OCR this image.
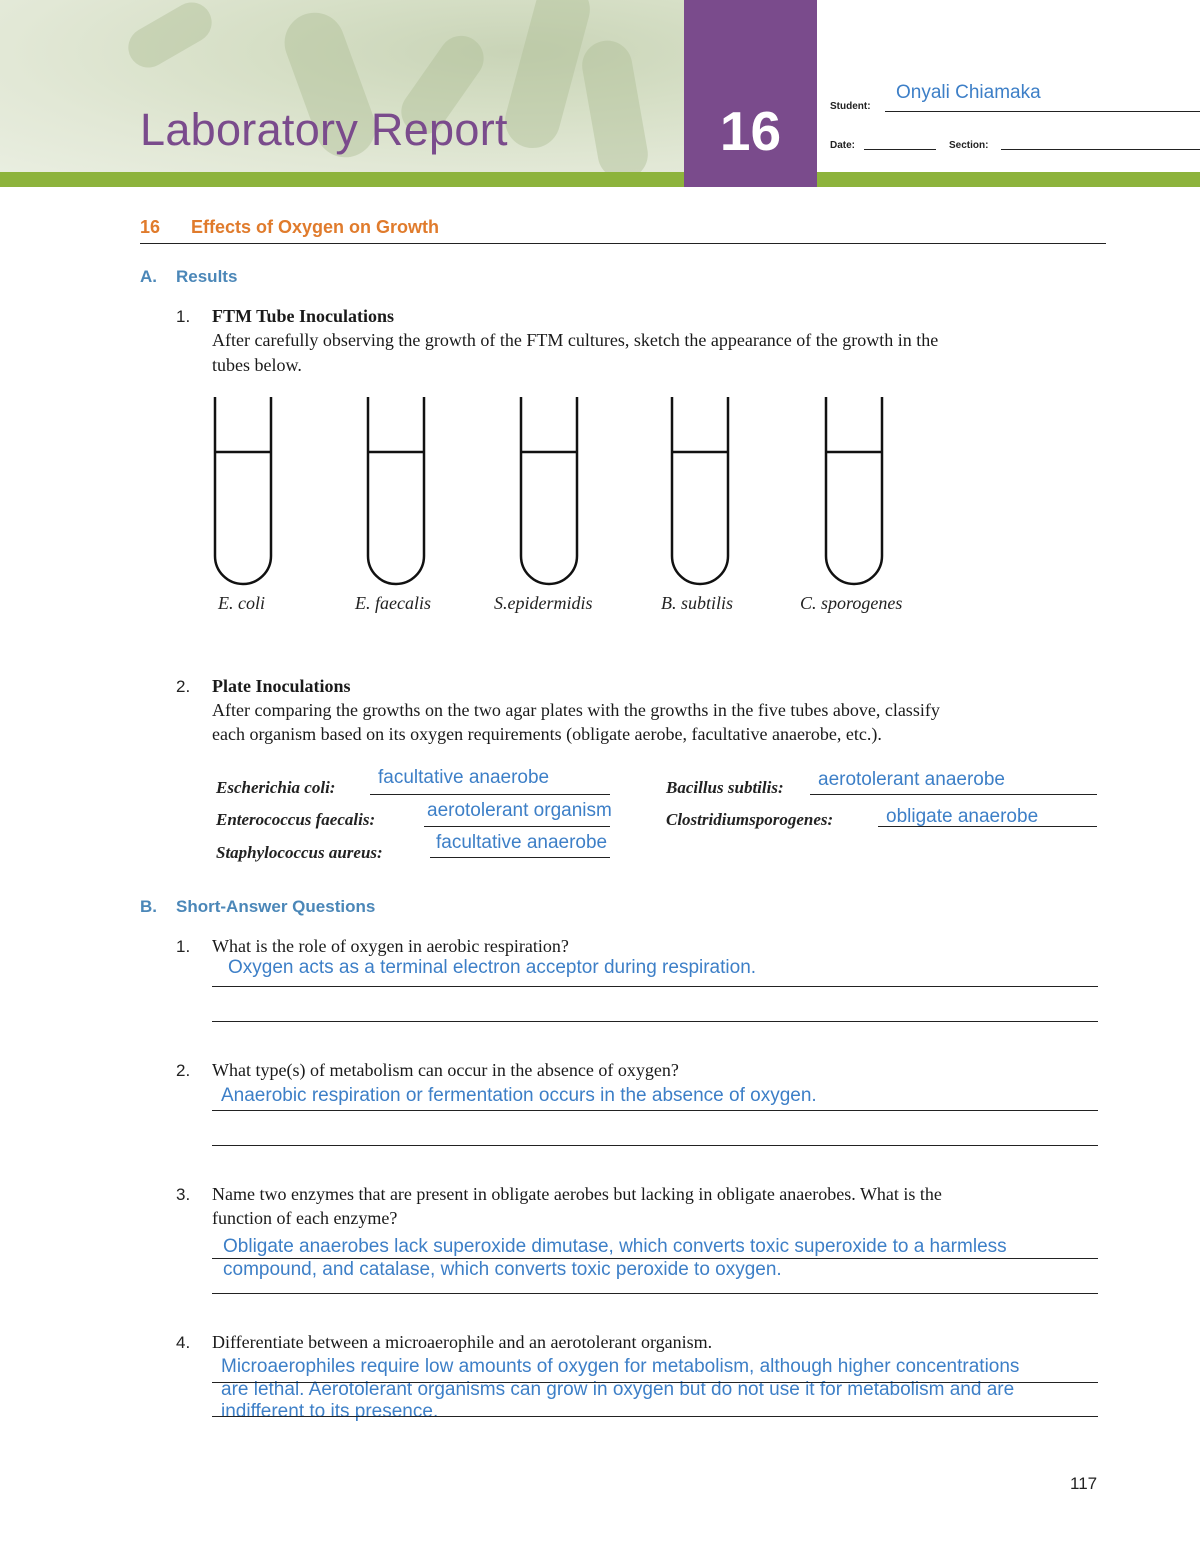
Laboratory Report	16	Student:
Onyali Chiamaka
Date:	Section:
16 Effects of Oxygen on Growth
A. Results
1. FTM Tube Inoculations
After carefully observing the growth of the FTM cultures, sketch the appearance of the growth in the
tubes below.
E. coli	E. faecalis	S.epidermidis	B. subtilis	C. sporogenes
2. Plate Inoculations
After comparing the growths on the two agar plates with the growths in the five tubes above, classify
each organism based on its oxygen requirements (obligate aerobe, facultative anaerobe, etc.).
Escherichia coli: facultative anaerobe
Enterococcus faecalis:	aerotolerant organism
Staphylococcus aureus:	facultative anaerobe
Bacillus subtilis: aerotolerant anaerobe
Clostridiumsporogenes:	obligate anaerobe
B. Short-Answer Questions
1. What is the role of oxygen in aerobic respiration?
Oxygen acts as a terminal electron acceptor during respiration.
2. What type(s) of metabolism can occur in the absence of oxygen?
Anaerobic respiration or fermentation occurs in the absence of oxygen.
3. Name two enzymes that are present in obligate aerobes but lacking in obligate anaerobes. What is the
function of each enzyme?
Obligate anaerobes lack superoxide dimutase, which converts toxic superoxide to a harmless
compound, and catalase, which converts toxic peroxide to oxygen.
4. Differentiate between a microaerophile and an aerotolerant organism.
Microaerophiles require low amounts of oxygen for metabolism, although higher concentrations
are lethal. Aerotolerant organisms can grow in oxygen but do not use it for metabolism and are
indifferent to its presence.
117
